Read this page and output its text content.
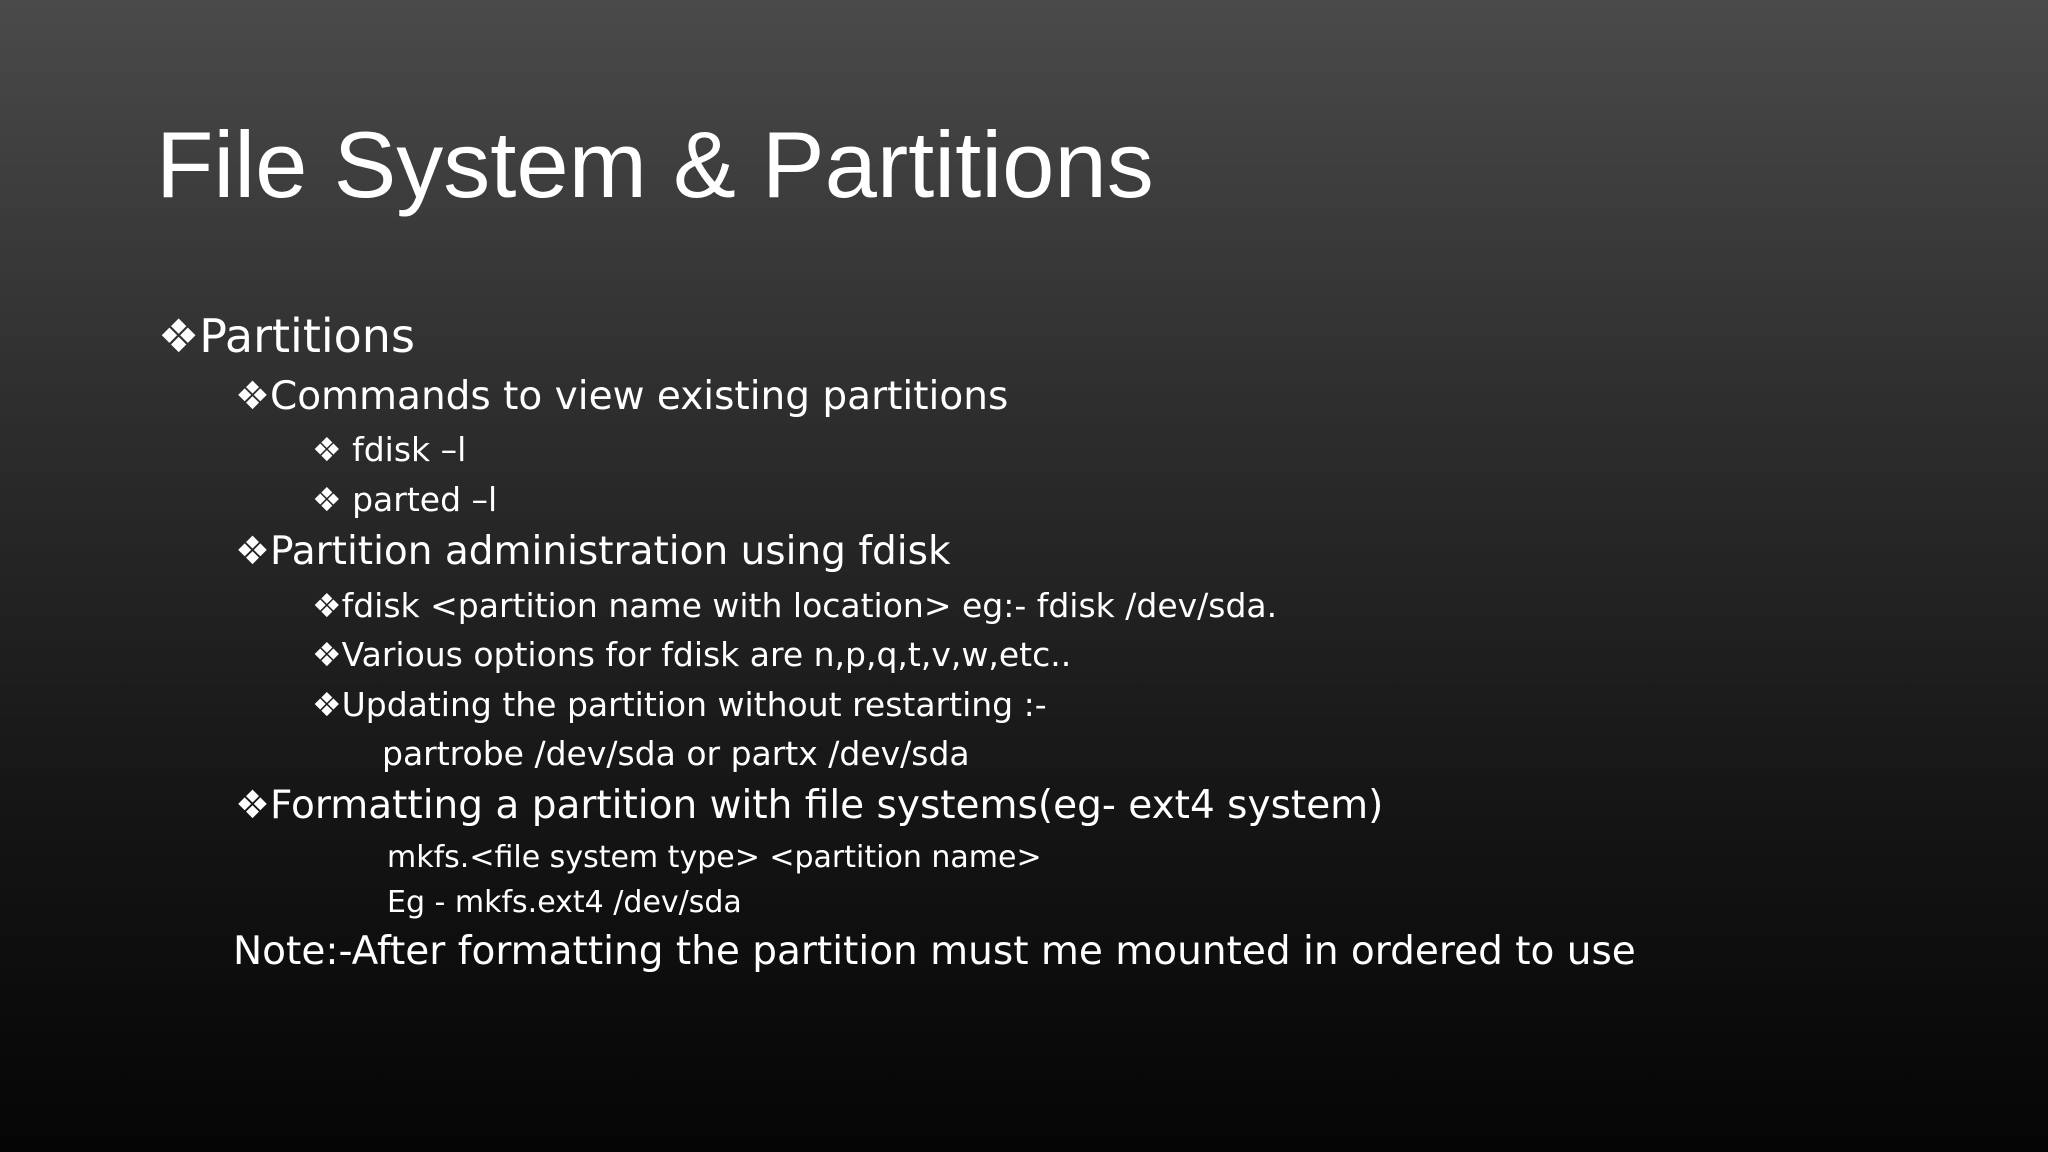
File System & Partitions
❖Partitions
❖Commands to view existing partitions
❖ fdisk –l
❖ parted –l
❖Partition administration using fdisk
❖fdisk <partition name with location> eg:- fdisk /dev/sda.
❖Various options for fdisk are n,p,q,t,v,w,etc..
❖Updating the partition without restarting :-
partrobe /dev/sda or partx /dev/sda
❖Formatting a partition with file systems(eg- ext4 system)
mkfs.<file system type> <partition name>
Eg - mkfs.ext4 /dev/sda
Note:-After formatting the partition must me mounted in ordered to use
